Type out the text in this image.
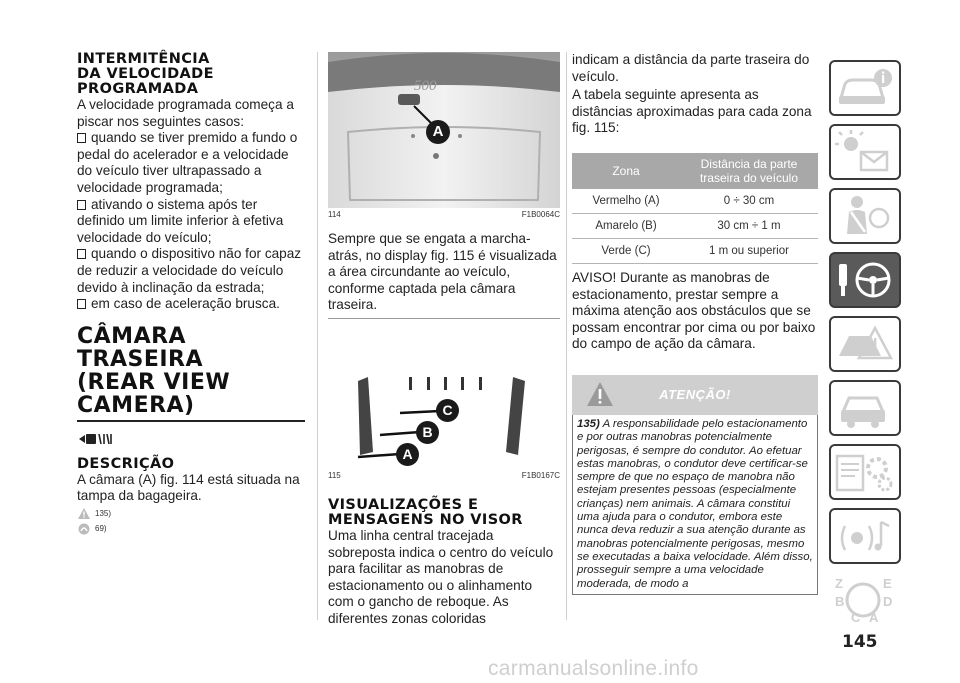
INTERMITÊNCIA
DA VELOCIDADE
PROGRAMADA

A velocidade programada começa a piscar nos seguintes casos:

quando se tiver premido a fundo o pedal do acelerador e a velocidade do veículo tiver ultrapassado a velocidade programada;
ativando o sistema após ter definido um limite inferior à efetiva velocidade do veículo;
quando o dispositivo não for capaz de reduzir a velocidade do veículo devido à inclinação da estrada;
em caso de aceleração brusca.
CÂMARA TRASEIRA
(REAR VIEW
CAMERA)
DESCRIÇÃO

A câmara (A) fig. 114 está situada na tampa da bagageira.

135)
69)
500
A
114	F1B0064C

Sempre que se engata a marcha-atrás, no display fig. 115 é visualizada a área circundante ao veículo, conforme captada pela câmara traseira.

C
B
A
115	F1B0167C
VISUALIZAÇÕES E
MENSAGENS NO VISOR

Uma linha central tracejada sobreposta indica o centro do veículo para facilitar as manobras de estacionamento ou o alinhamento com o gancho de reboque. As diferentes zonas coloridas

indicam a distância da parte traseira do veículo.

A tabela seguinte apresenta as distâncias aproximadas para cada zona fig. 115:

Zona	Distância da parte traseira do veículo
Vermelho (A)	0 ÷ 30 cm
Amarelo (B)	30 cm ÷ 1 m
Verde (C)	1 m ou superior

AVISO! Durante as manobras de estacionamento, prestar sempre a máxima atenção aos obstáculos que se possam encontrar por cima ou por baixo do campo de ação da câmara.

ATENÇÃO!
135) A responsabilidade pelo estacionamento e por outras manobras potencialmente perigosas, é sempre do condutor. Ao efetuar estas manobras, o condutor deve certificar-se sempre de que no espaço de manobra não estejam presentes pessoas (especialmente crianças) nem animais. A câmara constitui uma ajuda para o condutor, embora este nunca deva reduzir a sua atenção durante as manobras potencialmente perigosas, mesmo se executadas a baixa velocidade. Além disso, prosseguir sempre a uma velocidade moderada, de modo a	Z	E
B
C
D
A
145
carmanualsonline.info
